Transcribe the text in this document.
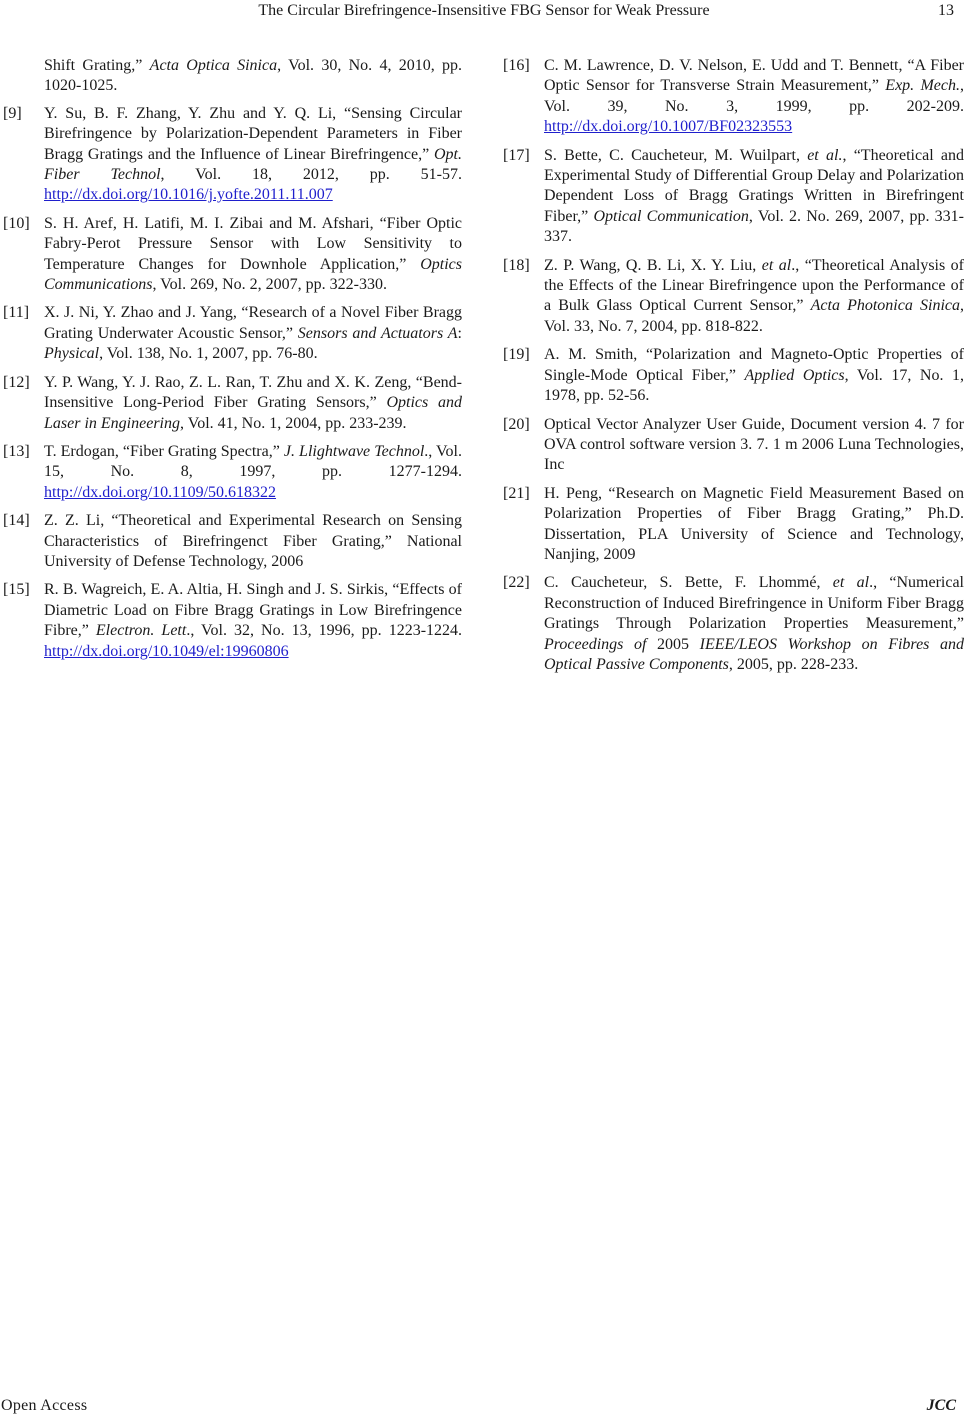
The Circular Birefringence-Insensitive FBG Sensor for Weak Pressure	13
Shift Grating,” Acta Optica Sinica, Vol. 30, No. 4, 2010, pp. 1020-1025.
[9]	Y. Su, B. F. Zhang, Y. Zhu and Y. Q. Li, “Sensing Circular Birefringence by Polarization-Dependent Parameters in Fiber Bragg Gratings and the Influence of Linear Birefringence,” Opt. Fiber Technol, Vol. 18, 2012, pp. 51-57. http://dx.doi.org/10.1016/j.yofte.2011.11.007
[10] S. H. Aref, H. Latifi, M. I. Zibai and M. Afshari, “Fiber Optic Fabry-Perot Pressure Sensor with Low Sensitivity to Temperature Changes for Downhole Application,” Optics Communications, Vol. 269, No. 2, 2007, pp. 322-330.
[11] X. J. Ni, Y. Zhao and J. Yang, “Research of a Novel Fiber Bragg Grating Underwater Acoustic Sensor,” Sensors and Actuators A: Physical, Vol. 138, No. 1, 2007, pp. 76-80.
[12] Y. P. Wang, Y. J. Rao, Z. L. Ran, T. Zhu and X. K. Zeng, “Bend-Insensitive Long-Period Fiber Grating Sensors,” Optics and Laser in Engineering, Vol. 41, No. 1, 2004, pp. 233-239.
[13] T. Erdogan, “Fiber Grating Spectra,” J. Llightwave Technol., Vol. 15, No. 8, 1997, pp. 1277-1294. http://dx.doi.org/10.1109/50.618322
[14] Z. Z. Li, “Theoretical and Experimental Research on Sensing Characteristics of Birefringenct Fiber Grating,” National University of Defense Technology, 2006
[15] R. B. Wagreich, E. A. Altia, H. Singh and J. S. Sirkis, “Effects of Diametric Load on Fibre Bragg Gratings in Low Birefringence Fibre,” Electron. Lett., Vol. 32, No. 13, 1996, pp. 1223-1224. http://dx.doi.org/10.1049/el:19960806
[16] C. M. Lawrence, D. V. Nelson, E. Udd and T. Bennett, “A Fiber Optic Sensor for Transverse Strain Measurement,” Exp. Mech., Vol. 39, No. 3, 1999, pp. 202-209. http://dx.doi.org/10.1007/BF02323553
[17] S. Bette, C. Caucheteur, M. Wuilpart, et al., “Theoretical and Experimental Study of Differential Group Delay and Polarization Dependent Loss of Bragg Gratings Written in Birefringent Fiber,” Optical Communication, Vol. 2. No. 269, 2007, pp. 331-337.
[18] Z. P. Wang, Q. B. Li, X. Y. Liu, et al., “Theoretical Analysis of the Effects of the Linear Birefringence upon the Performance of a Bulk Glass Optical Current Sensor,” Acta Photonica Sinica, Vol. 33, No. 7, 2004, pp. 818-822.
[19] A. M. Smith, “Polarization and Magneto-Optic Properties of Single-Mode Optical Fiber,” Applied Optics, Vol. 17, No. 1, 1978, pp. 52-56.
[20] Optical Vector Analyzer User Guide, Document version 4. 7 for OVA control software version 3. 7. 1 m 2006 Luna Technologies, Inc
[21] H. Peng, “Research on Magnetic Field Measurement Based on Polarization Properties of Fiber Bragg Grating,” Ph.D. Dissertation, PLA University of Science and Technology, Nanjing, 2009
[22] C. Caucheteur, S. Bette, F. Lhommé, et al., “Numerical Reconstruction of Induced Birefringence in Uniform Fiber Bragg Gratings Through Polarization Properties Measurement,” Proceedings of 2005 IEEE/LEOS Workshop on Fibres and Optical Passive Components, 2005, pp. 228-233.
Open Access	JCC
